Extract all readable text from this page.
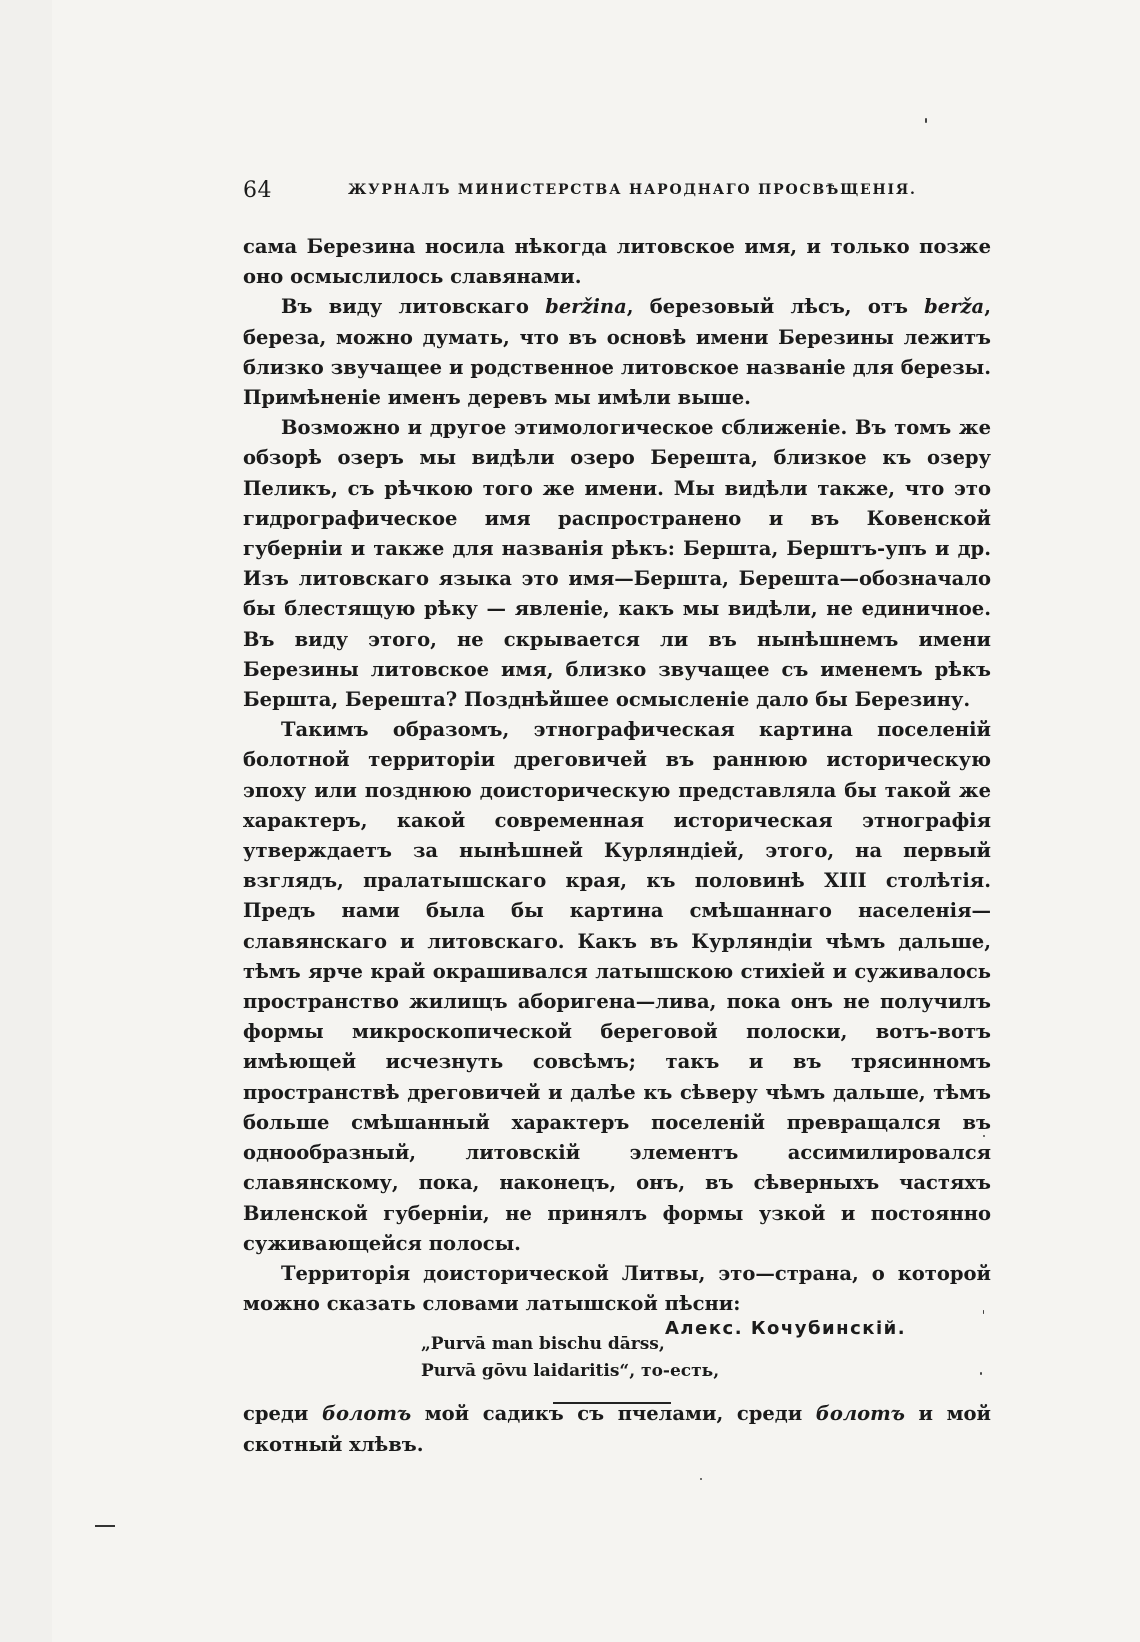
64	ЖУРНАЛЪ МИНИСТЕРСТВА НАРОДНАГО ПРОСВѢЩЕНІЯ.

сама Березина носила нѣкогда литовское имя, и только позже оно осмыслилось славянами.

Въ виду литовскаго beržina, березовый лѣсъ, отъ berža, береза, можно думать, что въ основѣ имени Березины лежитъ близко звучащее и родственное литовское названіе для березы. Примѣненіе именъ деревъ мы имѣли выше.

Возможно и другое этимологическое сближеніе. Въ томъ же обзорѣ озеръ мы видѣли озеро Берешта, близкое къ озеру Пеликъ, съ рѣчкою того же имени. Мы видѣли также, что это гидрографическое имя распространено и въ Ковенской губерніи и также для названія рѣкъ: Берштa, Берштъ-упъ и др. Изъ литовскаго языка это имя—Берштa, Берешта—обозначало бы блестящую рѣку — явленіе, какъ мы видѣли, не единичное. Въ виду этого, не скрывается ли въ нынѣшнемъ имени Березины литовское имя, близко звучащее съ именемъ рѣкъ Берштa, Берешта? Позднѣйшее осмысленіе дало бы Березину.

Такимъ образомъ, этнографическая картина поселеній болотной территоріи дреговичей въ раннюю историческую эпоху или позднюю доисторическую представляла бы такой же характеръ, какой современная историческая этнографія утверждаетъ за нынѣшней Курляндіей, этого, на первый взглядъ, пралатышскаго края, къ половинѣ XIII столѣтія. Предъ нами была бы картина смѣшаннаго населенія—славянскаго и литовскаго. Какъ въ Курляндіи чѣмъ дальше, тѣмъ ярче край окрашивался латышскою стихіей и суживалось пространство жилищъ аборигена—лива, пока онъ не получилъ формы микроскопической береговой полоски, вотъ-вотъ имѣющей исчезнуть совсѣмъ; такъ и въ трясинномъ пространствѣ дреговичей и далѣе къ сѣверу чѣмъ дальше, тѣмъ больше смѣшанный характеръ поселеній превращался въ однообразный, литовскій элементъ ассимилировался славянскому, пока, наконецъ, онъ, въ сѣверныхъ частяхъ Виленской губерніи, не принялъ формы узкой и постоянно суживающейся полосы.

Территорія доисторической Литвы, это—страна, о которой можно сказать словами латышской пѣсни:

„Purvā man bischu dārss,
Purvā gōvu laidaritis“, то-есть,

среди болотъ мой садикъ съ пчелами, среди болотъ и мой скотный хлѣвъ.

Алекс. Кочубинскій.
